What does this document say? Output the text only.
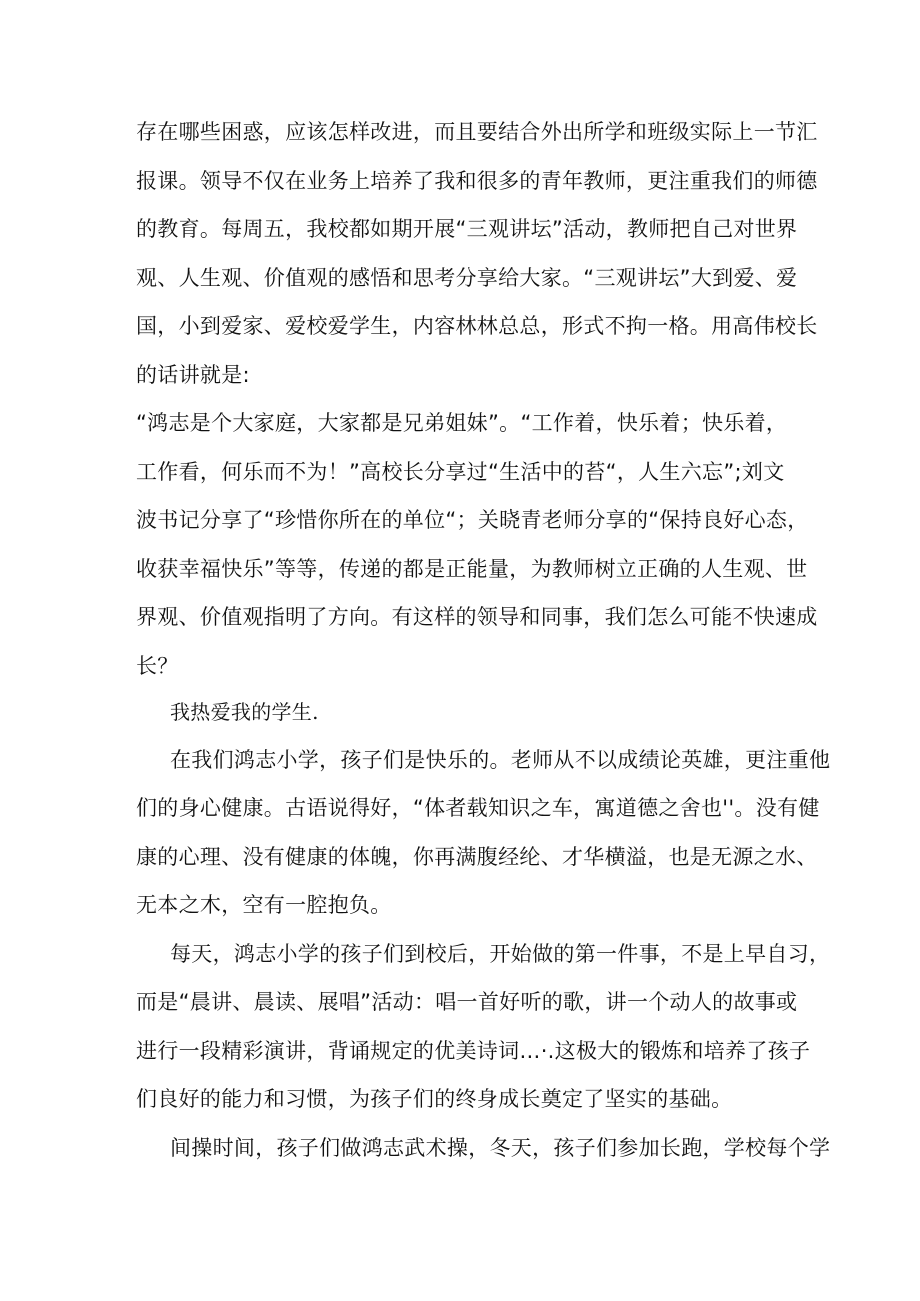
存在哪些困惑，应该怎样改进，而且要结合外出所学和班级实际上一节汇

报课。领导不仅在业务上培养了我和很多的青年教师，更注重我们的师德

的教育。每周五，我校都如期开展“三观讲坛”活动，教师把自己对世界

观、人生观、价值观的感悟和思考分享给大家。“三观讲坛”大到爱、爱

国，小到爱家、爱校爱学生，内容林林总总，形式不拘一格。用高伟校长

的话讲就是:

“鸿志是个大家庭，大家都是兄弟姐妹”。“工作着，快乐着；快乐着，

工作看，何乐而不为！”高校长分享过“生活中的苔“，人生六忘”;刘文

波书记分享了“珍惜你所在的单位“；关晓青老师分享的“保持良好心态，

收获幸福快乐”等等，传递的都是正能量，为教师树立正确的人生观、世

界观、价值观指明了方向。有这样的领导和同事，我们怎么可能不快速成

长？

我热爱我的学生.

在我们鸿志小学，孩子们是快乐的。老师从不以成绩论英雄，更注重他

们的身心健康。古语说得好，“体者载知识之车，寓道德之舍也''。没有健

康的心理、没有健康的体魄，你再满腹经纶、才华横溢，也是无源之水、

无本之木，空有一腔抱负。

每天，鸿志小学的孩子们到校后，开始做的第一件事，不是上早自习，

而是“晨讲、晨读、展唱”活动：唱一首好听的歌，讲一个动人的故事或

进行一段精彩演讲，背诵规定的优美诗词…·.这极大的锻炼和培养了孩子

们良好的能力和习惯，为孩子们的终身成长奠定了坚实的基础。

间操时间，孩子们做鸿志武术操，冬天，孩子们参加长跑，学校每个学
